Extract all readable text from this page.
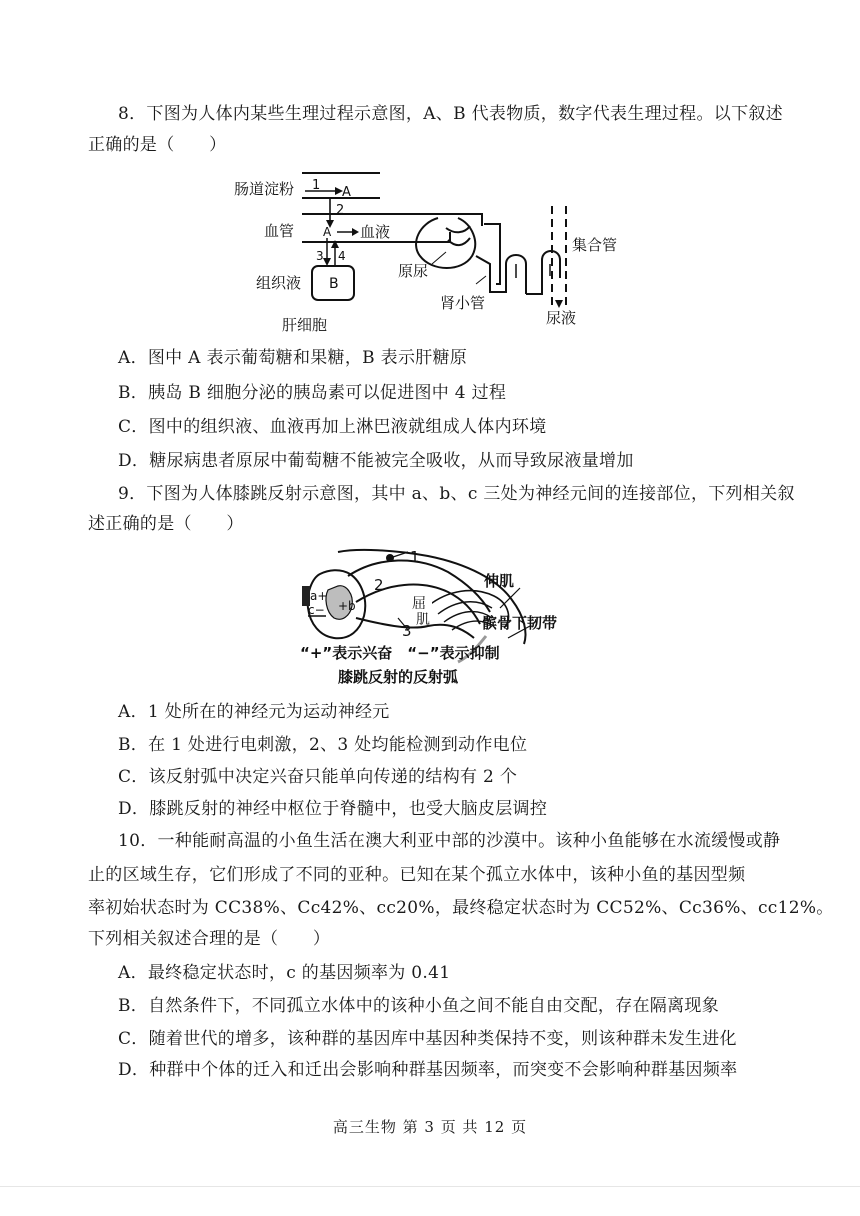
8．下图为人体内某些生理过程示意图，A、B 代表物质，数字代表生理过程。以下叙述
正确的是（　　）
肠道淀粉 1 A
2
血管 A 血液
3 4
组织液 B
肝细胞
原尿
肾小管
集合管
尿液
A．图中 A 表示葡萄糖和果糖，B 表示肝糖原
B．胰岛 B 细胞分泌的胰岛素可以促进图中 4 过程
C．图中的组织液、血液再加上淋巴液就组成人体内环境
D．糖尿病患者原尿中葡萄糖不能被完全吸收，从而导致尿液量增加
9．下图为人体膝跳反射示意图，其中 a、b、c 三处为神经元间的连接部位，下列相关叙
述正确的是（　　）
1
2
3
屈
肌
伸肌
髌骨下韧带
a+
c− +b
“+”表示兴奋　“−”表示抑制
膝跳反射的反射弧
A．1 处所在的神经元为运动神经元
B．在 1 处进行电刺激，2、3 处均能检测到动作电位
C．该反射弧中决定兴奋只能单向传递的结构有 2 个
D．膝跳反射的神经中枢位于脊髓中，也受大脑皮层调控
10．一种能耐高温的小鱼生活在澳大利亚中部的沙漠中。该种小鱼能够在水流缓慢或静
止的区域生存，它们形成了不同的亚种。已知在某个孤立水体中，该种小鱼的基因型频
率初始状态时为 CC38%、Cc42%、cc20%，最终稳定状态时为 CC52%、Cc36%、cc12%。
下列相关叙述合理的是（　　）
A．最终稳定状态时，c 的基因频率为 0.41
B．自然条件下，不同孤立水体中的该种小鱼之间不能自由交配，存在隔离现象
C．随着世代的增多，该种群的基因库中基因种类保持不变，则该种群未发生进化
D．种群中个体的迁入和迁出会影响种群基因频率，而突变不会影响种群基因频率
高三生物 第 3 页 共 12 页
